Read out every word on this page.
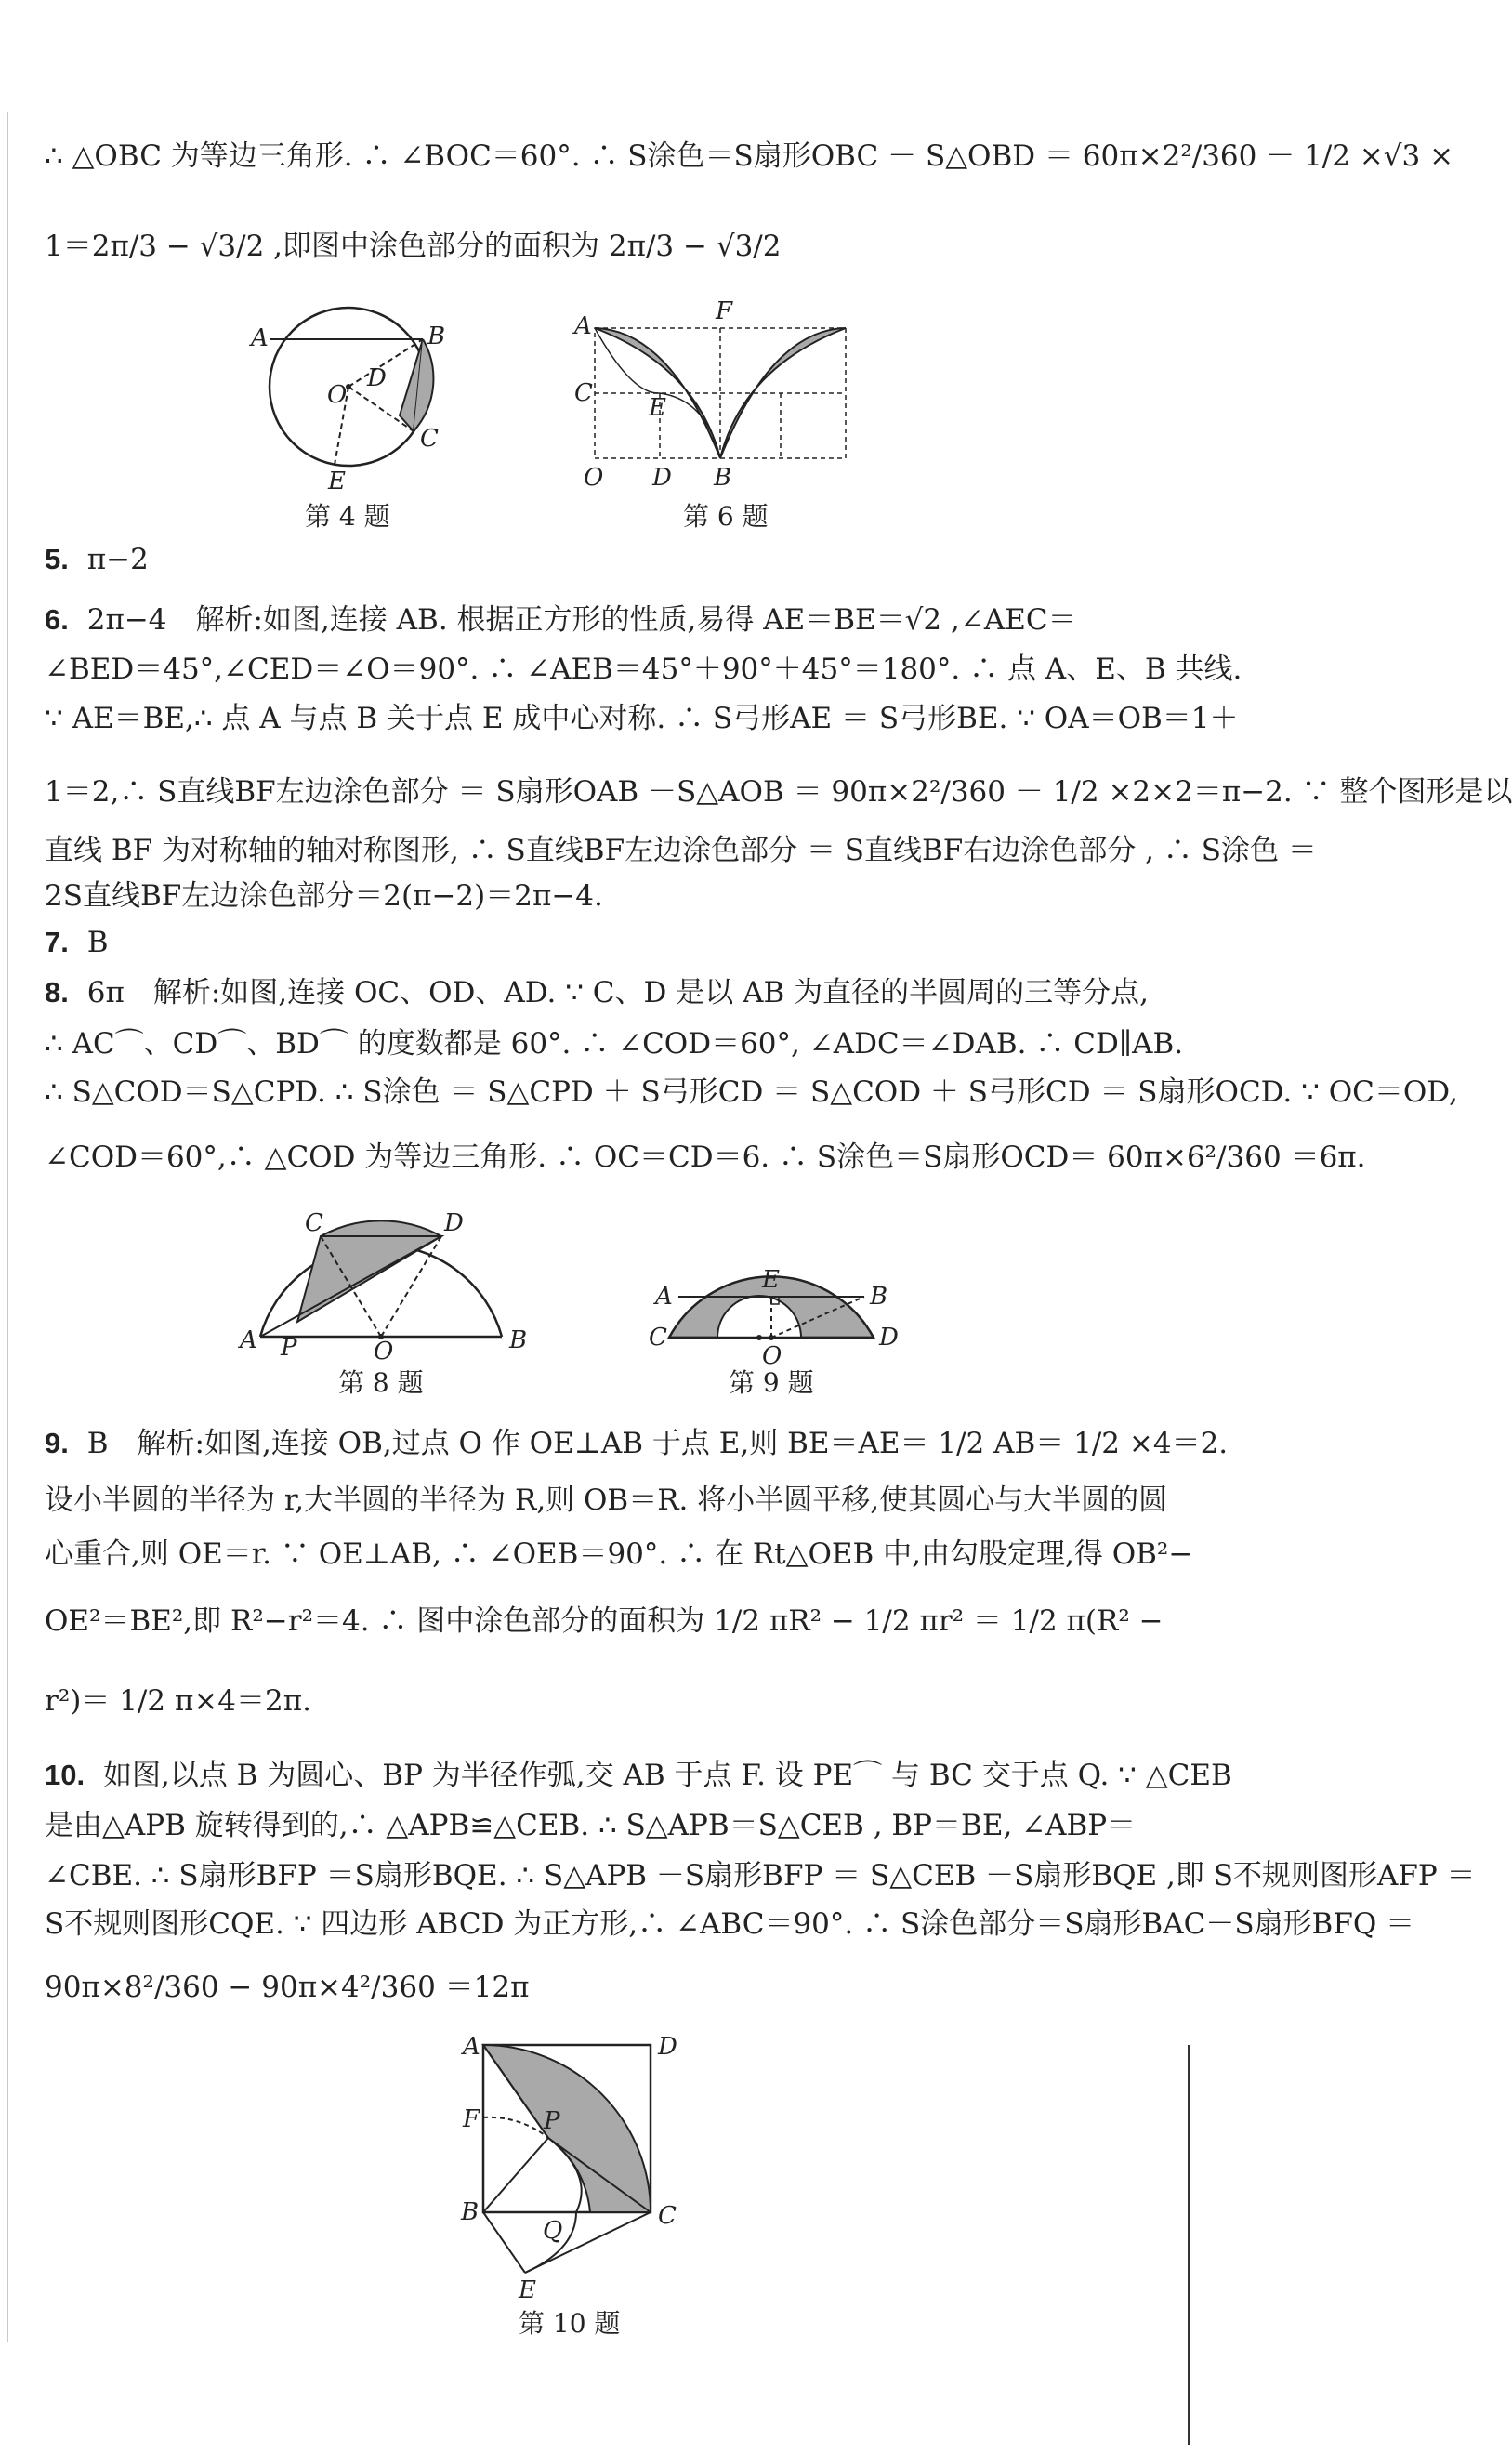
∴ △OBC 为等边三角形. ∴ ∠BOC＝60°. ∴ S涂色＝S扇形OBC － S△OBD ＝ 60π×2²/360 － 1/2 ×√3 ×
1＝2π/3 − √3/2 ,即图中涂色部分的面积为 2π/3 − √3/2
A	B
O
D
C
E
第 4 题
A
F
C
E
O D B
第 6 题
5. π−2
6. 2π−4　解析:如图,连接 AB. 根据正方形的性质,易得 AE＝BE＝√2 ,∠AEC＝
∠BED＝45°,∠CED＝∠O＝90°. ∴ ∠AEB＝45°＋90°＋45°＝180°. ∴ 点 A、E、B 共线.
∵ AE＝BE,∴ 点 A 与点 B 关于点 E 成中心对称. ∴ S弓形AE ＝ S弓形BE. ∵ OA＝OB＝1＋
1＝2,∴ S直线BF左边涂色部分 ＝ S扇形OAB －S△AOB ＝ 90π×2²/360 － 1/2 ×2×2＝π−2. ∵ 整个图形是以
直线 BF 为对称轴的轴对称图形, ∴ S直线BF左边涂色部分 ＝ S直线BF右边涂色部分 , ∴ S涂色 ＝
2S直线BF左边涂色部分＝2(π−2)＝2π−4.
7. B
8. 6π　解析:如图,连接 OC、OD、AD. ∵ C、D 是以 AB 为直径的半圆周的三等分点,
∴ AC⌒、CD⌒、BD⌒ 的度数都是 60°. ∴ ∠COD＝60°, ∠ADC＝∠DAB. ∴ CD∥AB.
∴ S△COD＝S△CPD. ∴ S涂色 ＝ S△CPD ＋ S弓形CD ＝ S△COD ＋ S弓形CD ＝ S扇形OCD. ∵ OC＝OD,
∠COD＝60°,∴ △COD 为等边三角形. ∴ OC＝CD＝6. ∴ S涂色＝S扇形OCD＝ 60π×6²/360 ＝6π.
C	D
A P	O	B
第 8 题
E
A	B
C
O
D
第 9 题
9. B　解析:如图,连接 OB,过点 O 作 OE⊥AB 于点 E,则 BE＝AE＝ 1/2 AB＝ 1/2 ×4＝2.
设小半圆的半径为 r,大半圆的半径为 R,则 OB＝R. 将小半圆平移,使其圆心与大半圆的圆
心重合,则 OE＝r. ∵ OE⊥AB, ∴ ∠OEB＝90°. ∴ 在 Rt△OEB 中,由勾股定理,得 OB²−
OE²＝BE²,即 R²−r²＝4. ∴ 图中涂色部分的面积为 1/2 πR² − 1/2 πr² ＝ 1/2 π(R² −
r²)＝ 1/2 π×4＝2π.
10. 如图,以点 B 为圆心、BP 为半径作弧,交 AB 于点 F. 设 PE⌒ 与 BC 交于点 Q. ∵ △CEB
是由△APB 旋转得到的,∴ △APB≌△CEB. ∴ S△APB＝S△CEB , BP＝BE, ∠ABP＝
∠CBE. ∴ S扇形BFP ＝S扇形BQE. ∴ S△APB －S扇形BFP ＝ S△CEB －S扇形BQE ,即 S不规则图形AFP ＝
S不规则图形CQE. ∵ 四边形 ABCD 为正方形,∴ ∠ABC＝90°. ∴ S涂色部分＝S扇形BAC－S扇形BFQ ＝
90π×8²/360 − 90π×4²/360 ＝12π
A	D
F	P
B
Q
C
E
第 10 题
